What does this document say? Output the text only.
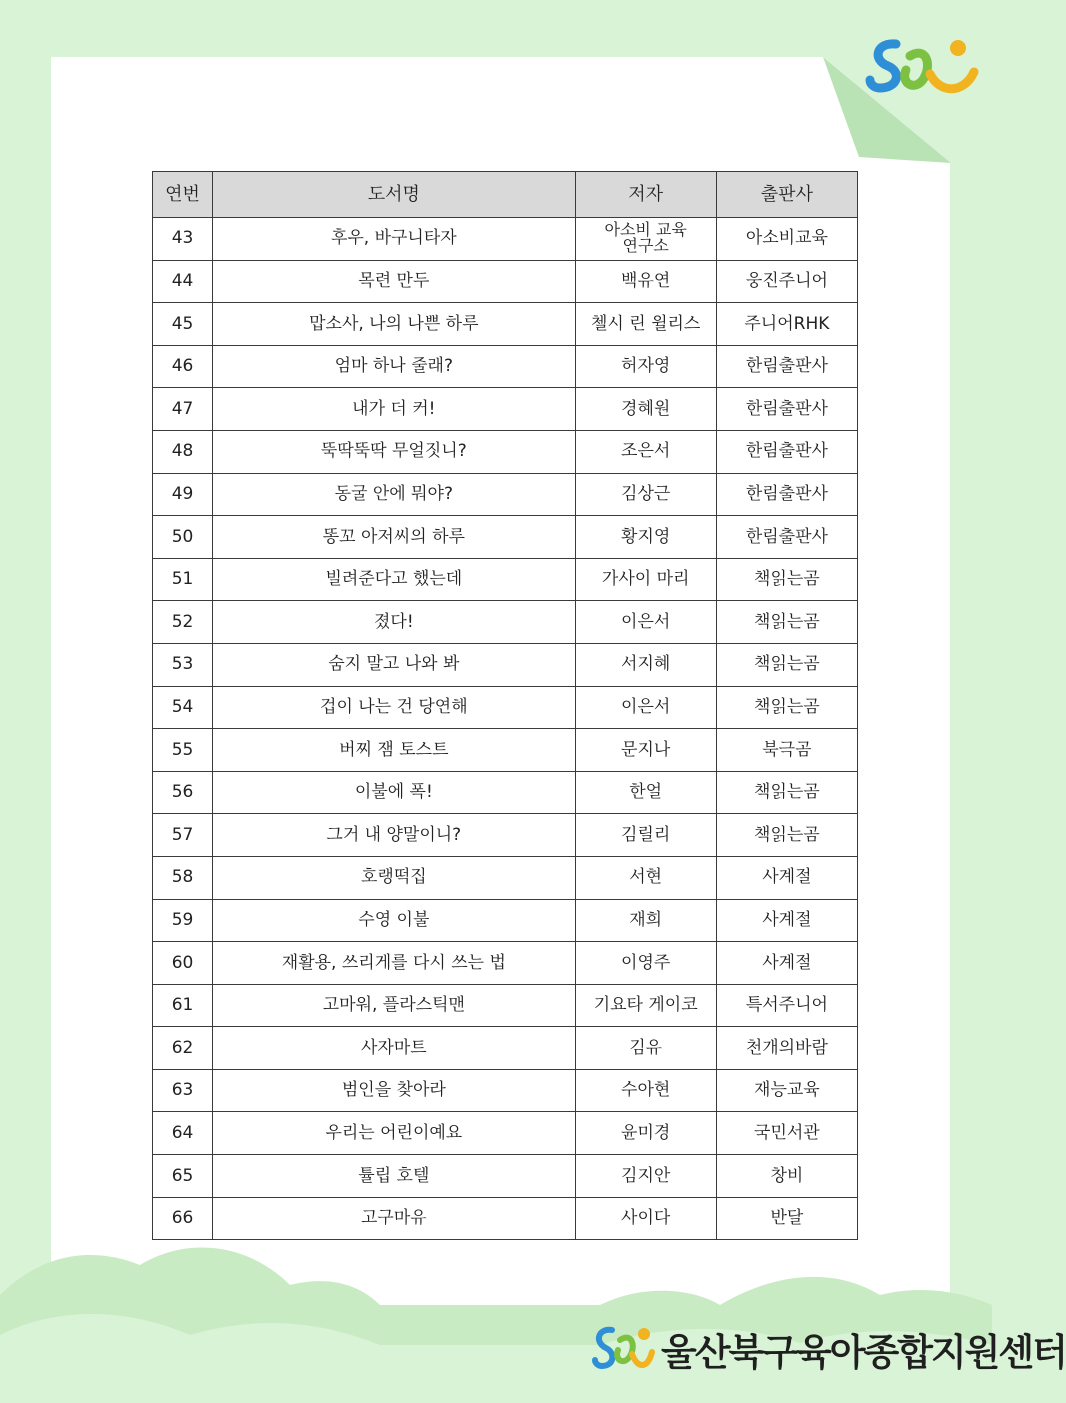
연번	도서명	저자	출판사
43	후우, 바구니타자	아소비 교육연구소	아소비교육
44	목련 만두	백유연	웅진주니어
45	맙소사, 나의 나쁜 하루	첼시 린 윌리스	주니어RHK
46	엄마 하나 줄래?	허자영	한림출판사
47	내가 더 커!	경혜원	한림출판사
48	뚝딱뚝딱 무얼짓니?	조은서	한림출판사
49	동굴 안에 뭐야?	김상근	한림출판사
50	똥꼬 아저씨의 하루	황지영	한림출판사
51	빌려준다고 했는데	가사이 마리	책읽는곰
52	졌다!	이은서	책읽는곰
53	숨지 말고 나와 봐	서지혜	책읽는곰
54	겁이 나는 건 당연해	이은서	책읽는곰
55	버찌 잼 토스트	문지나	북극곰
56	이불에 폭!	한얼	책읽는곰
57	그거 내 양말이니?	김릴리	책읽는곰
58	호랭떡집	서현	사계절
59	수영 이불	재희	사계절
60	재활용, 쓰리게를 다시 쓰는 법	이영주	사계절
61	고마워, 플라스틱맨	기요타 게이코	특서주니어
62	사자마트	김유	천개의바람
63	범인을 찾아라	수아현	재능교육
64	우리는 어린이예요	윤미경	국민서관
65	튤립 호텔	김지안	창비
66	고구마유	사이다	반달
울산북구육아종합지원센터
